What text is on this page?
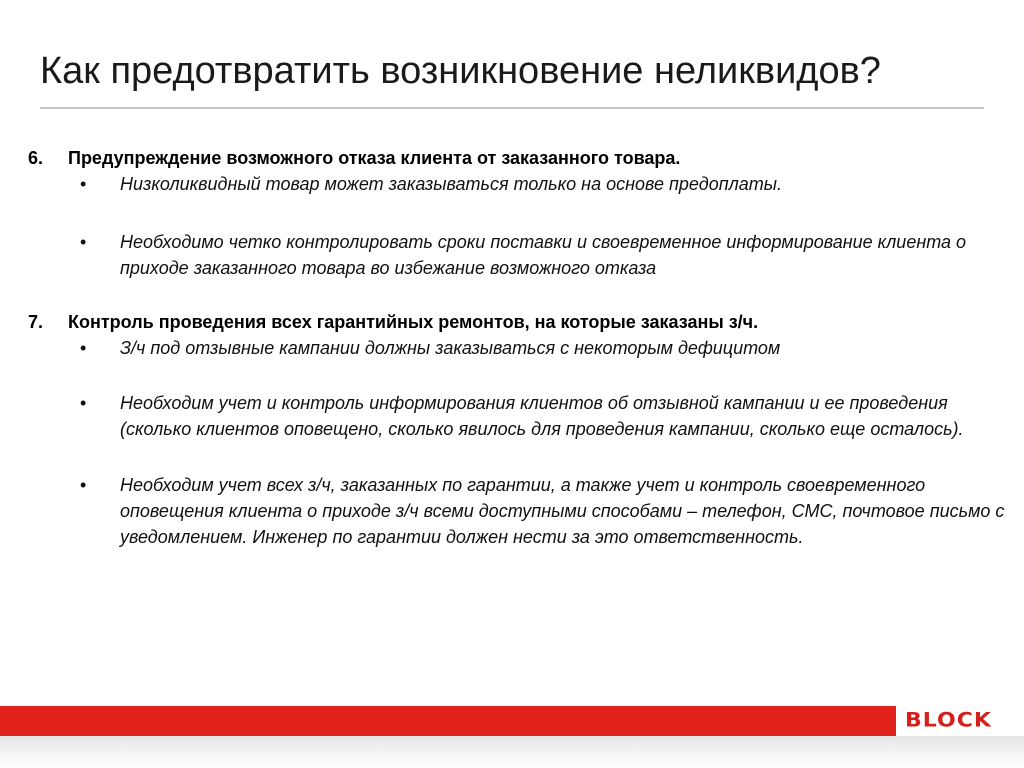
Как предотвратить возникновение неликвидов?
6.	Предупреждение возможного отказа клиента от заказанного товара.
•	Низколиквидный товар может заказываться только на основе предоплаты.
•	Необходимо четко контролировать сроки поставки и своевременное информирование клиента о приходе заказанного товара во избежание возможного отказа
7.	Контроль проведения всех гарантийных ремонтов, на которые заказаны з/ч.
•	З/ч под отзывные кампании должны заказываться с некоторым дефицитом
•	Необходим учет и контроль информирования клиентов об отзывной кампании и ее проведения (сколько клиентов оповещено, сколько явилось для проведения кампании, сколько еще осталось).
•	Необходим учет всех з/ч, заказанных по гарантии, а также учет и контроль своевременного оповещения клиента о приходе з/ч всеми доступными способами – телефон, СМС, почтовое письмо с уведомлением. Инженер по гарантии должен нести за это ответственность.
BLOCK
